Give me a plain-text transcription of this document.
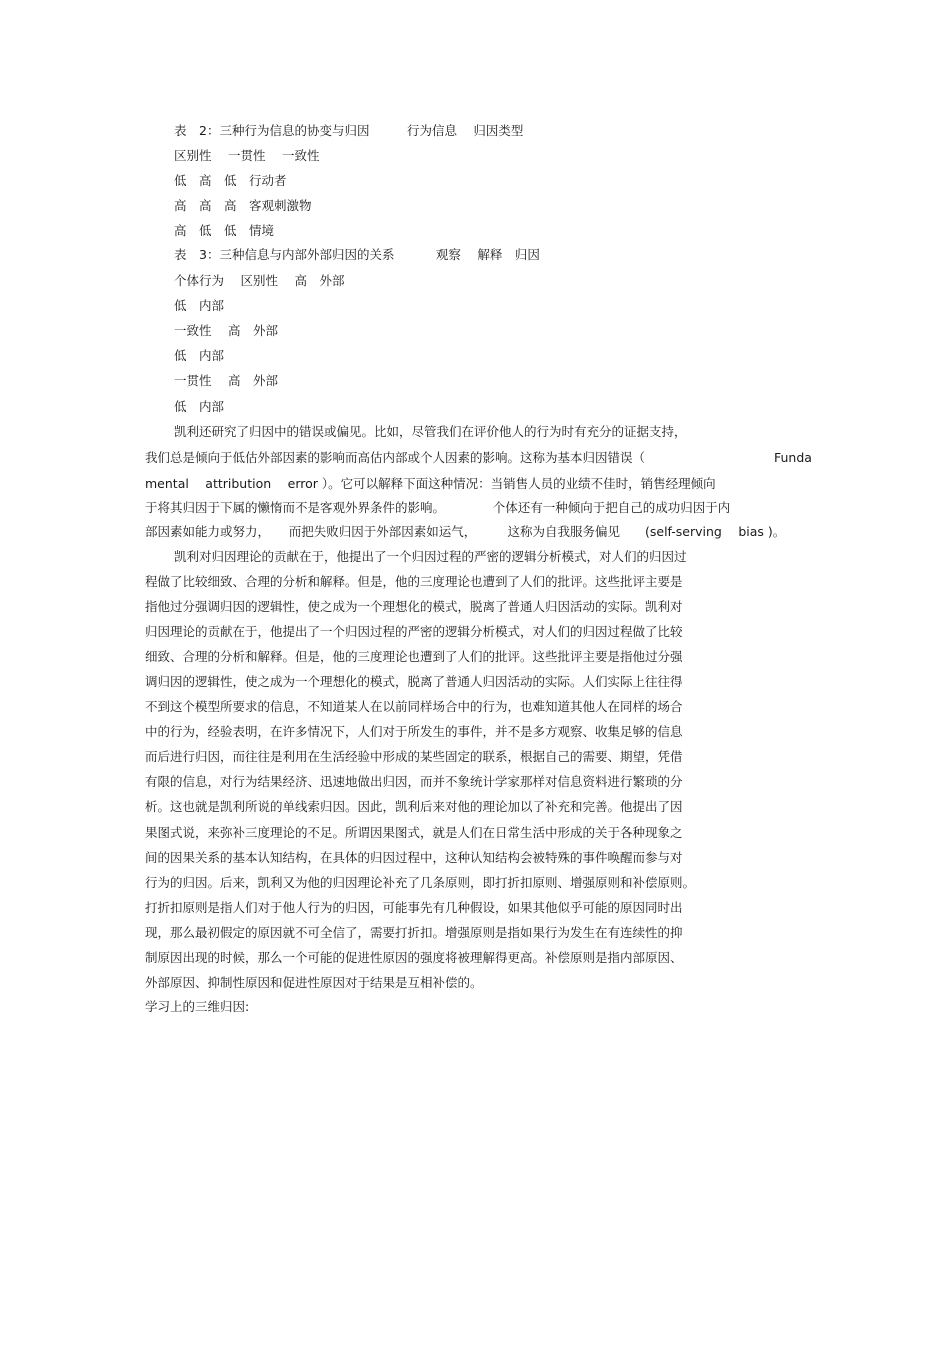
表　2：三种行为信息的协变与归因　　　行为信息　 归因类型
区别性　 一贯性　 一致性
低　高　低　行动者
高　高　高　客观刺激物
高　低　低　情境
表　3：三种信息与内部外部归因的关系　　　 观察　 解释　归因
个体行为　 区别性　 高　外部
低　内部
一致性　 高　外部
低　内部
一贯性　 高　外部
低　内部
凯利还研究了归因中的错误或偏见。比如，尽管我们在评价他人的行为时有充分的证据支持，
我们总是倾向于低估外部因素的影响而高估内部或个人因素的影响。这称为基本归因错误（　　　　　　　　　　 Funda
mental　 attribution　 error ）。它可以解释下面这种情况：当销售人员的业绩不佳时，销售经理倾向
于将其归因于下属的懒惰而不是客观外界条件的影响。　　　　 个体还有一种倾向于把自己的成功归因于内
部因素如能力或努力，　　而把失败归因于外部因素如运气，　　　这称为自我服务偏见　　(self-serving　 bias )。
凯利对归因理论的贡献在于，他提出了一个归因过程的严密的逻辑分析模式，对人们的归因过
程做了比较细致、合理的分析和解释。但是，他的三度理论也遭到了人们的批评。这些批评主要是
指他过分强调归因的逻辑性，使之成为一个理想化的模式，脱离了普通人归因活动的实际。凯利对
归因理论的贡献在于，他提出了一个归因过程的严密的逻辑分析模式，对人们的归因过程做了比较
细致、合理的分析和解释。但是，他的三度理论也遭到了人们的批评。这些批评主要是指他过分强
调归因的逻辑性，使之成为一个理想化的模式，脱离了普通人归因活动的实际。人们实际上往往得
不到这个模型所要求的信息，不知道某人在以前同样场合中的行为，也难知道其他人在同样的场合
中的行为，经验表明，在许多情况下，人们对于所发生的事件，并不是多方观察、收集足够的信息
而后进行归因，而往往是利用在生活经验中形成的某些固定的联系，根据自己的需要、期望，凭借
有限的信息，对行为结果经济、迅速地做出归因，而并不象统计学家那样对信息资料进行繁琐的分
析。这也就是凯利所说的单线索归因。因此，凯利后来对他的理论加以了补充和完善。他提出了因
果图式说，来弥补三度理论的不足。所谓因果图式，就是人们在日常生活中形成的关于各种现象之
间的因果关系的基本认知结构，在具体的归因过程中，这种认知结构会被特殊的事件唤醒而参与对
行为的归因。后来，凯利又为他的归因理论补充了几条原则，即打折扣原则、增强原则和补偿原则。
打折扣原则是指人们对于他人行为的归因，可能事先有几种假设，如果其他似乎可能的原因同时出
现，那么最初假定的原因就不可全信了，需要打折扣。增强原则是指如果行为发生在有连续性的抑
制原因出现的时候，那么一个可能的促进性原因的强度将被理解得更高。补偿原则是指内部原因、
外部原因、抑制性原因和促进性原因对于结果是互相补偿的。
学习上的三维归因:
